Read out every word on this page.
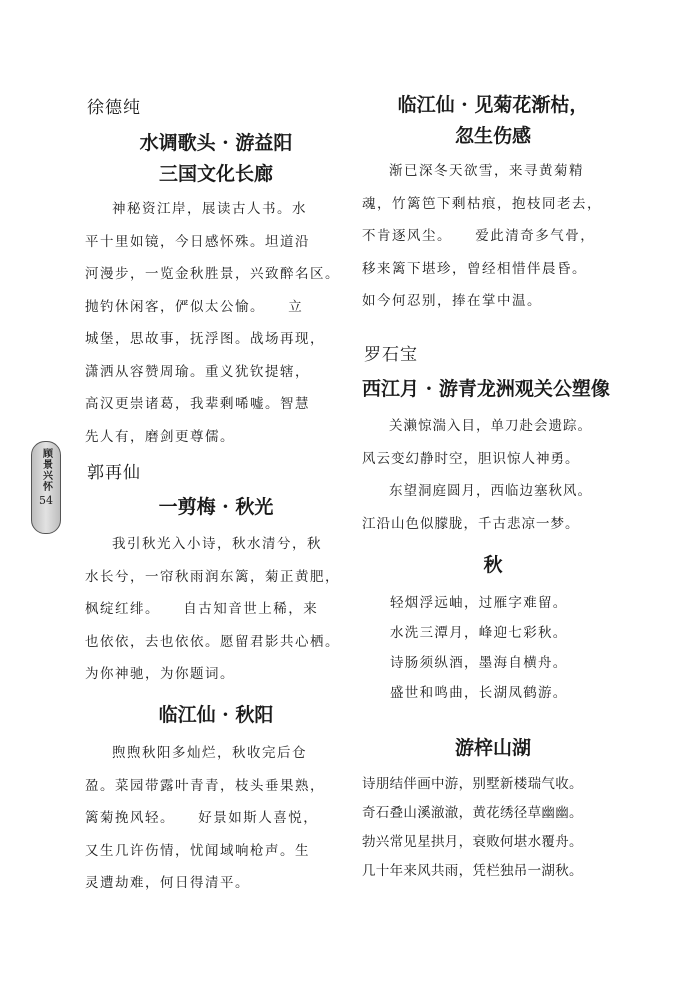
顾景兴怀
54
徐德纯
水调歌头 · 游益阳
三国文化长廊
神秘资江岸，展读古人书。水
平十里如镜，今日感怀殊。坦道沿
河漫步，一览金秋胜景，兴致醉名区。
抛钓休闲客，俨似太公愉。　　立
城堡，思故事，抚浮图。战场再现，
潇洒从容赞周瑜。重义犹钦提辖，
高汉更崇诸葛，我辈剩唏嘘。智慧
先人有，磨剑更尊儒。
郭再仙
一剪梅 · 秋光
我引秋光入小诗，秋水清兮，秋
水长兮，一帘秋雨润东篱，菊正黄肥，
枫绽红绯。　　自古知音世上稀，来
也依依，去也依依。愿留君影共心栖。
为你神驰，为你题词。
临江仙 · 秋阳
煦煦秋阳多灿烂，秋收完后仓
盈。菜园带露叶青青，枝头垂果熟，
篱菊挽风轻。　　好景如斯人喜悦，
又生几许伤情，忧闻域响枪声。生
灵遭劫难，何日得清平。
临江仙 · 见菊花渐枯，
忽生伤感
渐已深冬天欲雪，来寻黄菊精
魂，竹篱笆下剩枯痕，抱枝同老去，
不肯逐风尘。　　爱此清奇多气骨，
移来篱下堪珍，曾经相惜伴晨昏。
如今何忍别，捧在掌中温。
罗石宝
西江月 · 游青龙洲观关公塑像
关濑惊湍入目，单刀赴会遗踪。
风云变幻静时空，胆识惊人神勇。
东望洞庭圆月，西临边塞秋风。
江沿山色似朦胧，千古悲凉一梦。
秋
轻烟浮远岫，过雁字难留。
水洗三潭月，峰迎七彩秋。
诗肠须纵酒，墨海自横舟。
盛世和鸣曲，长湖凤鹤游。
游梓山湖
诗朋结伴画中游，别墅新楼瑞气收。
奇石叠山溪澈澈，黄花绣径草幽幽。
勃兴常见星拱月，衰败何堪水覆舟。
几十年来风共雨，凭栏独吊一湖秋。
